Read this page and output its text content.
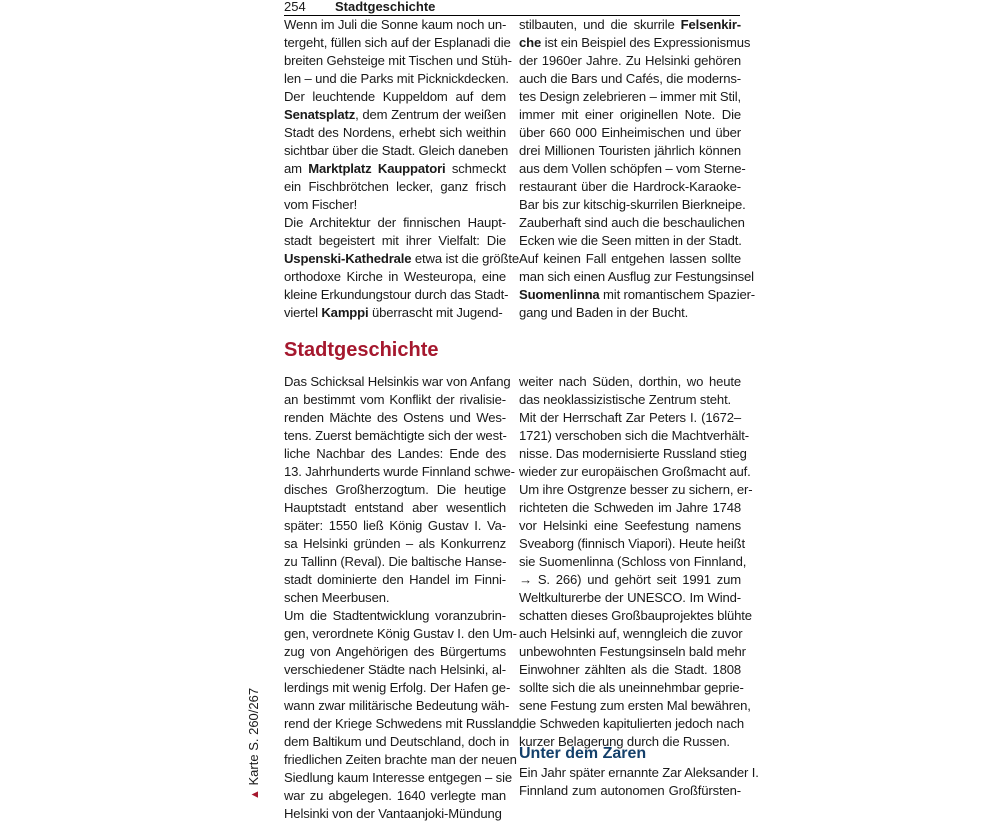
254 Stadtgeschichte
Wenn im Juli die Sonne kaum noch un-
tergeht, füllen sich auf der Esplanadi die
breiten Gehsteige mit Tischen und Stüh-
len – und die Parks mit Picknickdecken.
Der leuchtende Kuppeldom auf dem
Senatsplatz, dem Zentrum der weißen
Stadt des Nordens, erhebt sich weithin
sichtbar über die Stadt. Gleich daneben
am Marktplatz Kauppatori schmeckt
ein Fischbrötchen lecker, ganz frisch
vom Fischer!
Die Architektur der finnischen Haupt-
stadt begeistert mit ihrer Vielfalt: Die
Uspenski-Kathedrale etwa ist die größte
orthodoxe Kirche in Westeuropa, eine
kleine Erkundungstour durch das Stadt-
viertel Kamppi überrascht mit Jugend-
stilbauten, und die skurrile Felsenkir-
che ist ein Beispiel des Expressionismus
der 1960er Jahre. Zu Helsinki gehören
auch die Bars und Cafés, die moderns-
tes Design zelebrieren – immer mit Stil,
immer mit einer originellen Note. Die
über 660 000 Einheimischen und über
drei Millionen Touristen jährlich können
aus dem Vollen schöpfen – vom Sterne-
restaurant über die Hardrock-Karaoke-
Bar bis zur kitschig-skurrilen Bierkneipe.
Zauberhaft sind auch die beschaulichen
Ecken wie die Seen mitten in der Stadt.
Auf keinen Fall entgehen lassen sollte
man sich einen Ausflug zur Festungsinsel
Suomenlinna mit romantischem Spazier-
gang und Baden in der Bucht.
Stadtgeschichte
Das Schicksal Helsinkis war von Anfang
an bestimmt vom Konflikt der rivalisie-
renden Mächte des Ostens und Wes-
tens. Zuerst bemächtigte sich der west-
liche Nachbar des Landes: Ende des
13. Jahrhunderts wurde Finnland schwe-
disches Großherzogtum. Die heutige
Hauptstadt entstand aber wesentlich
später: 1550 ließ König Gustav I. Va-
sa Helsinki gründen – als Konkurrenz
zu Tallinn (Reval). Die baltische Hanse-
stadt dominierte den Handel im Finni-
schen Meerbusen.
Um die Stadtentwicklung voranzubrin-
gen, verordnete König Gustav I. den Um-
zug von Angehörigen des Bürgertums
verschiedener Städte nach Helsinki, al-
lerdings mit wenig Erfolg. Der Hafen ge-
wann zwar militärische Bedeutung wäh-
rend der Kriege Schwedens mit Russland,
dem Baltikum und Deutschland, doch in
friedlichen Zeiten brachte man der neuen
Siedlung kaum Interesse entgegen – sie
war zu abgelegen. 1640 verlegte man
Helsinki von der Vantaanjoki-Mündung
weiter nach Süden, dorthin, wo heute
das neoklassizistische Zentrum steht.
Mit der Herrschaft Zar Peters I. (1672–
1721) verschoben sich die Machtverhält-
nisse. Das modernisierte Russland stieg
wieder zur europäischen Großmacht auf.
Um ihre Ostgrenze besser zu sichern, er-
richteten die Schweden im Jahre 1748
vor Helsinki eine Seefestung namens
Sveaborg (finnisch Viapori). Heute heißt
sie Suomenlinna (Schloss von Finnland,
→ S. 266) und gehört seit 1991 zum
Weltkulturerbe der UNESCO. Im Wind-
schatten dieses Großbauprojektes blühte
auch Helsinki auf, wenngleich die zuvor
unbewohnten Festungsinseln bald mehr
Einwohner zählten als die Stadt. 1808
sollte sich die als uneinnehmbar geprie-
sene Festung zum ersten Mal bewähren,
die Schweden kapitulierten jedoch nach
kurzer Belagerung durch die Russen.
Unter dem Zaren
Ein Jahr später ernannte Zar Aleksander I.
Finnland zum autonomen Großfürsten-
▲ Karte S. 260/267
